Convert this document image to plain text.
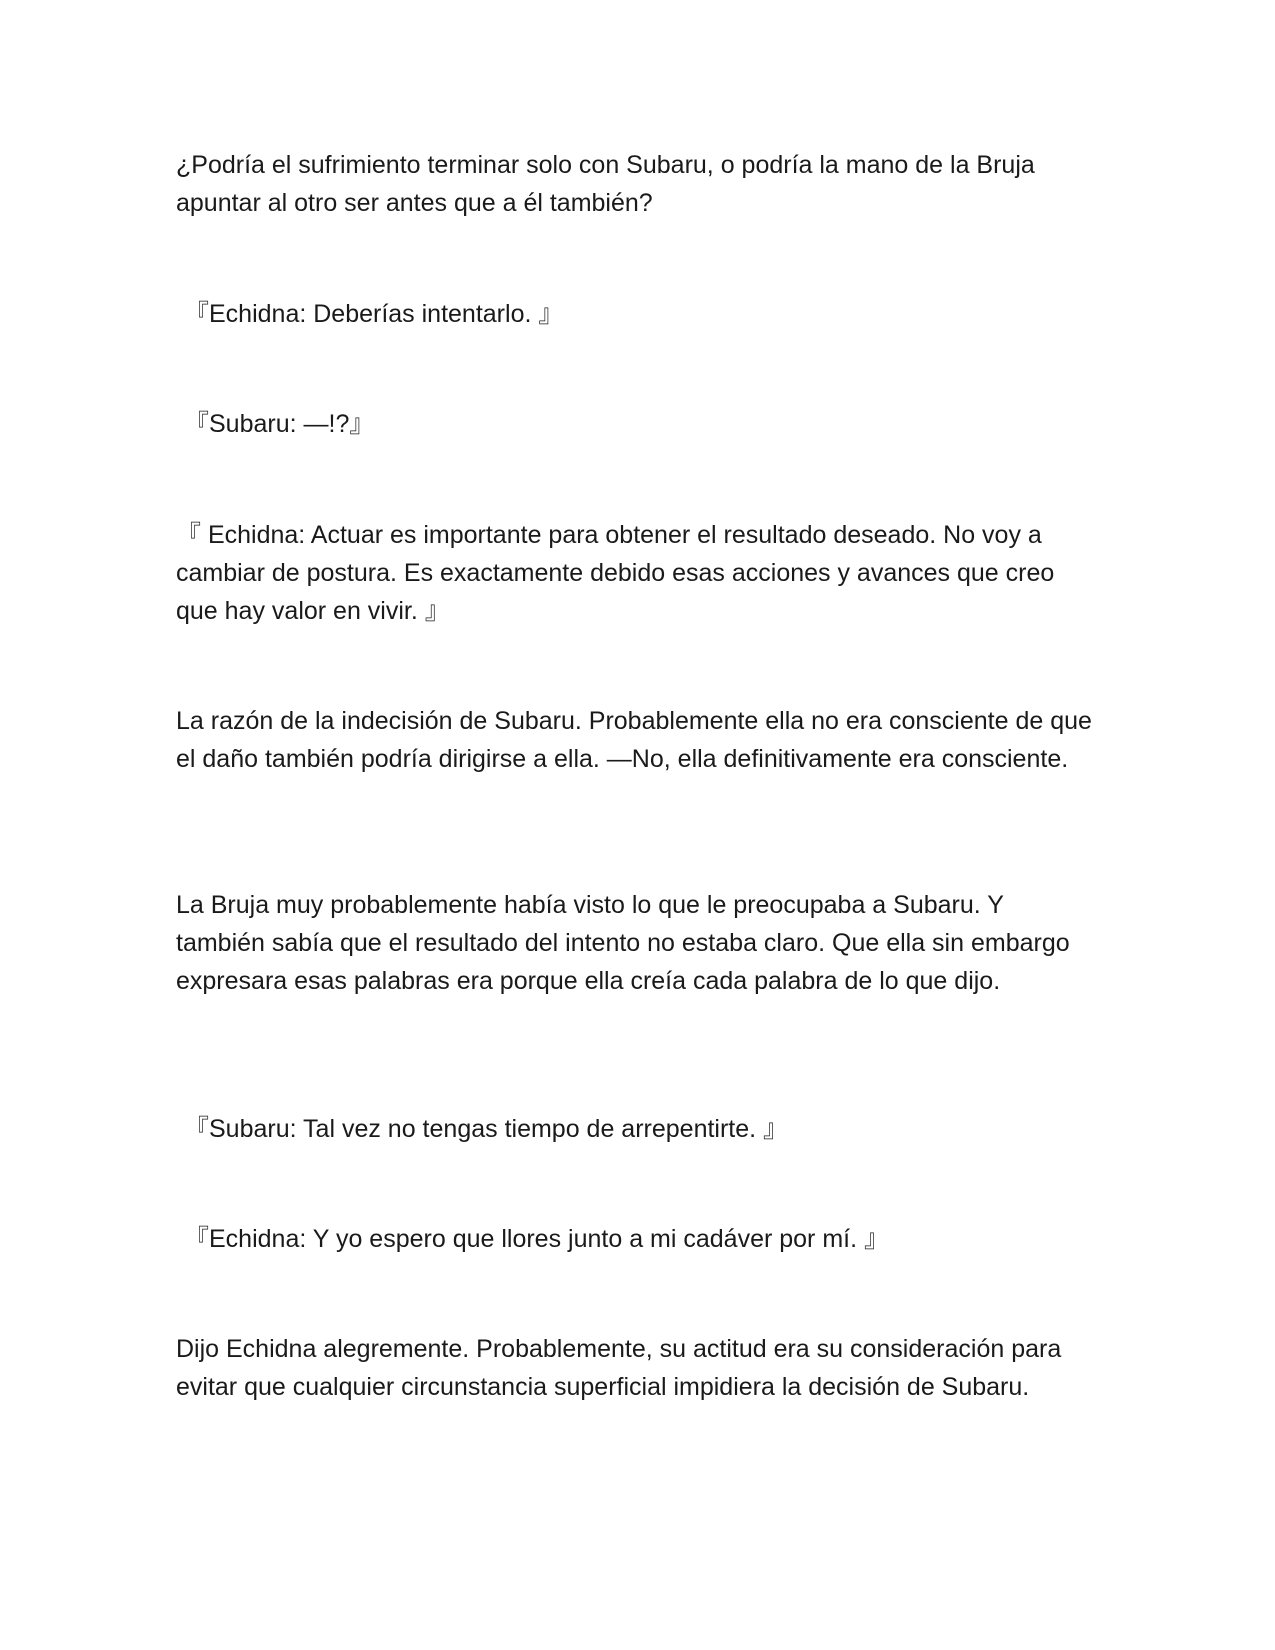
¿Podría el sufrimiento terminar solo con Subaru, o podría la mano de la Bruja apuntar al otro ser antes que a él también?

『Echidna: Deberías intentarlo. 』

『Subaru: —!?』

『 Echidna: Actuar es importante para obtener el resultado deseado. No voy a cambiar de postura. Es exactamente debido esas acciones y avances que creo que hay valor en vivir. 』

La razón de la indecisión de Subaru. Probablemente ella no era consciente de que el daño también podría dirigirse a ella. —No, ella definitivamente era consciente.

La Bruja muy probablemente había visto lo que le preocupaba a Subaru. Y también sabía que el resultado del intento no estaba claro. Que ella sin embargo expresara esas palabras era porque ella creía cada palabra de lo que dijo.

『Subaru: Tal vez no tengas tiempo de arrepentirte. 』

『Echidna: Y yo espero que llores junto a mi cadáver por mí. 』

Dijo Echidna alegremente. Probablemente, su actitud era su consideración para evitar que cualquier circunstancia superficial impidiera la decisión de Subaru.
